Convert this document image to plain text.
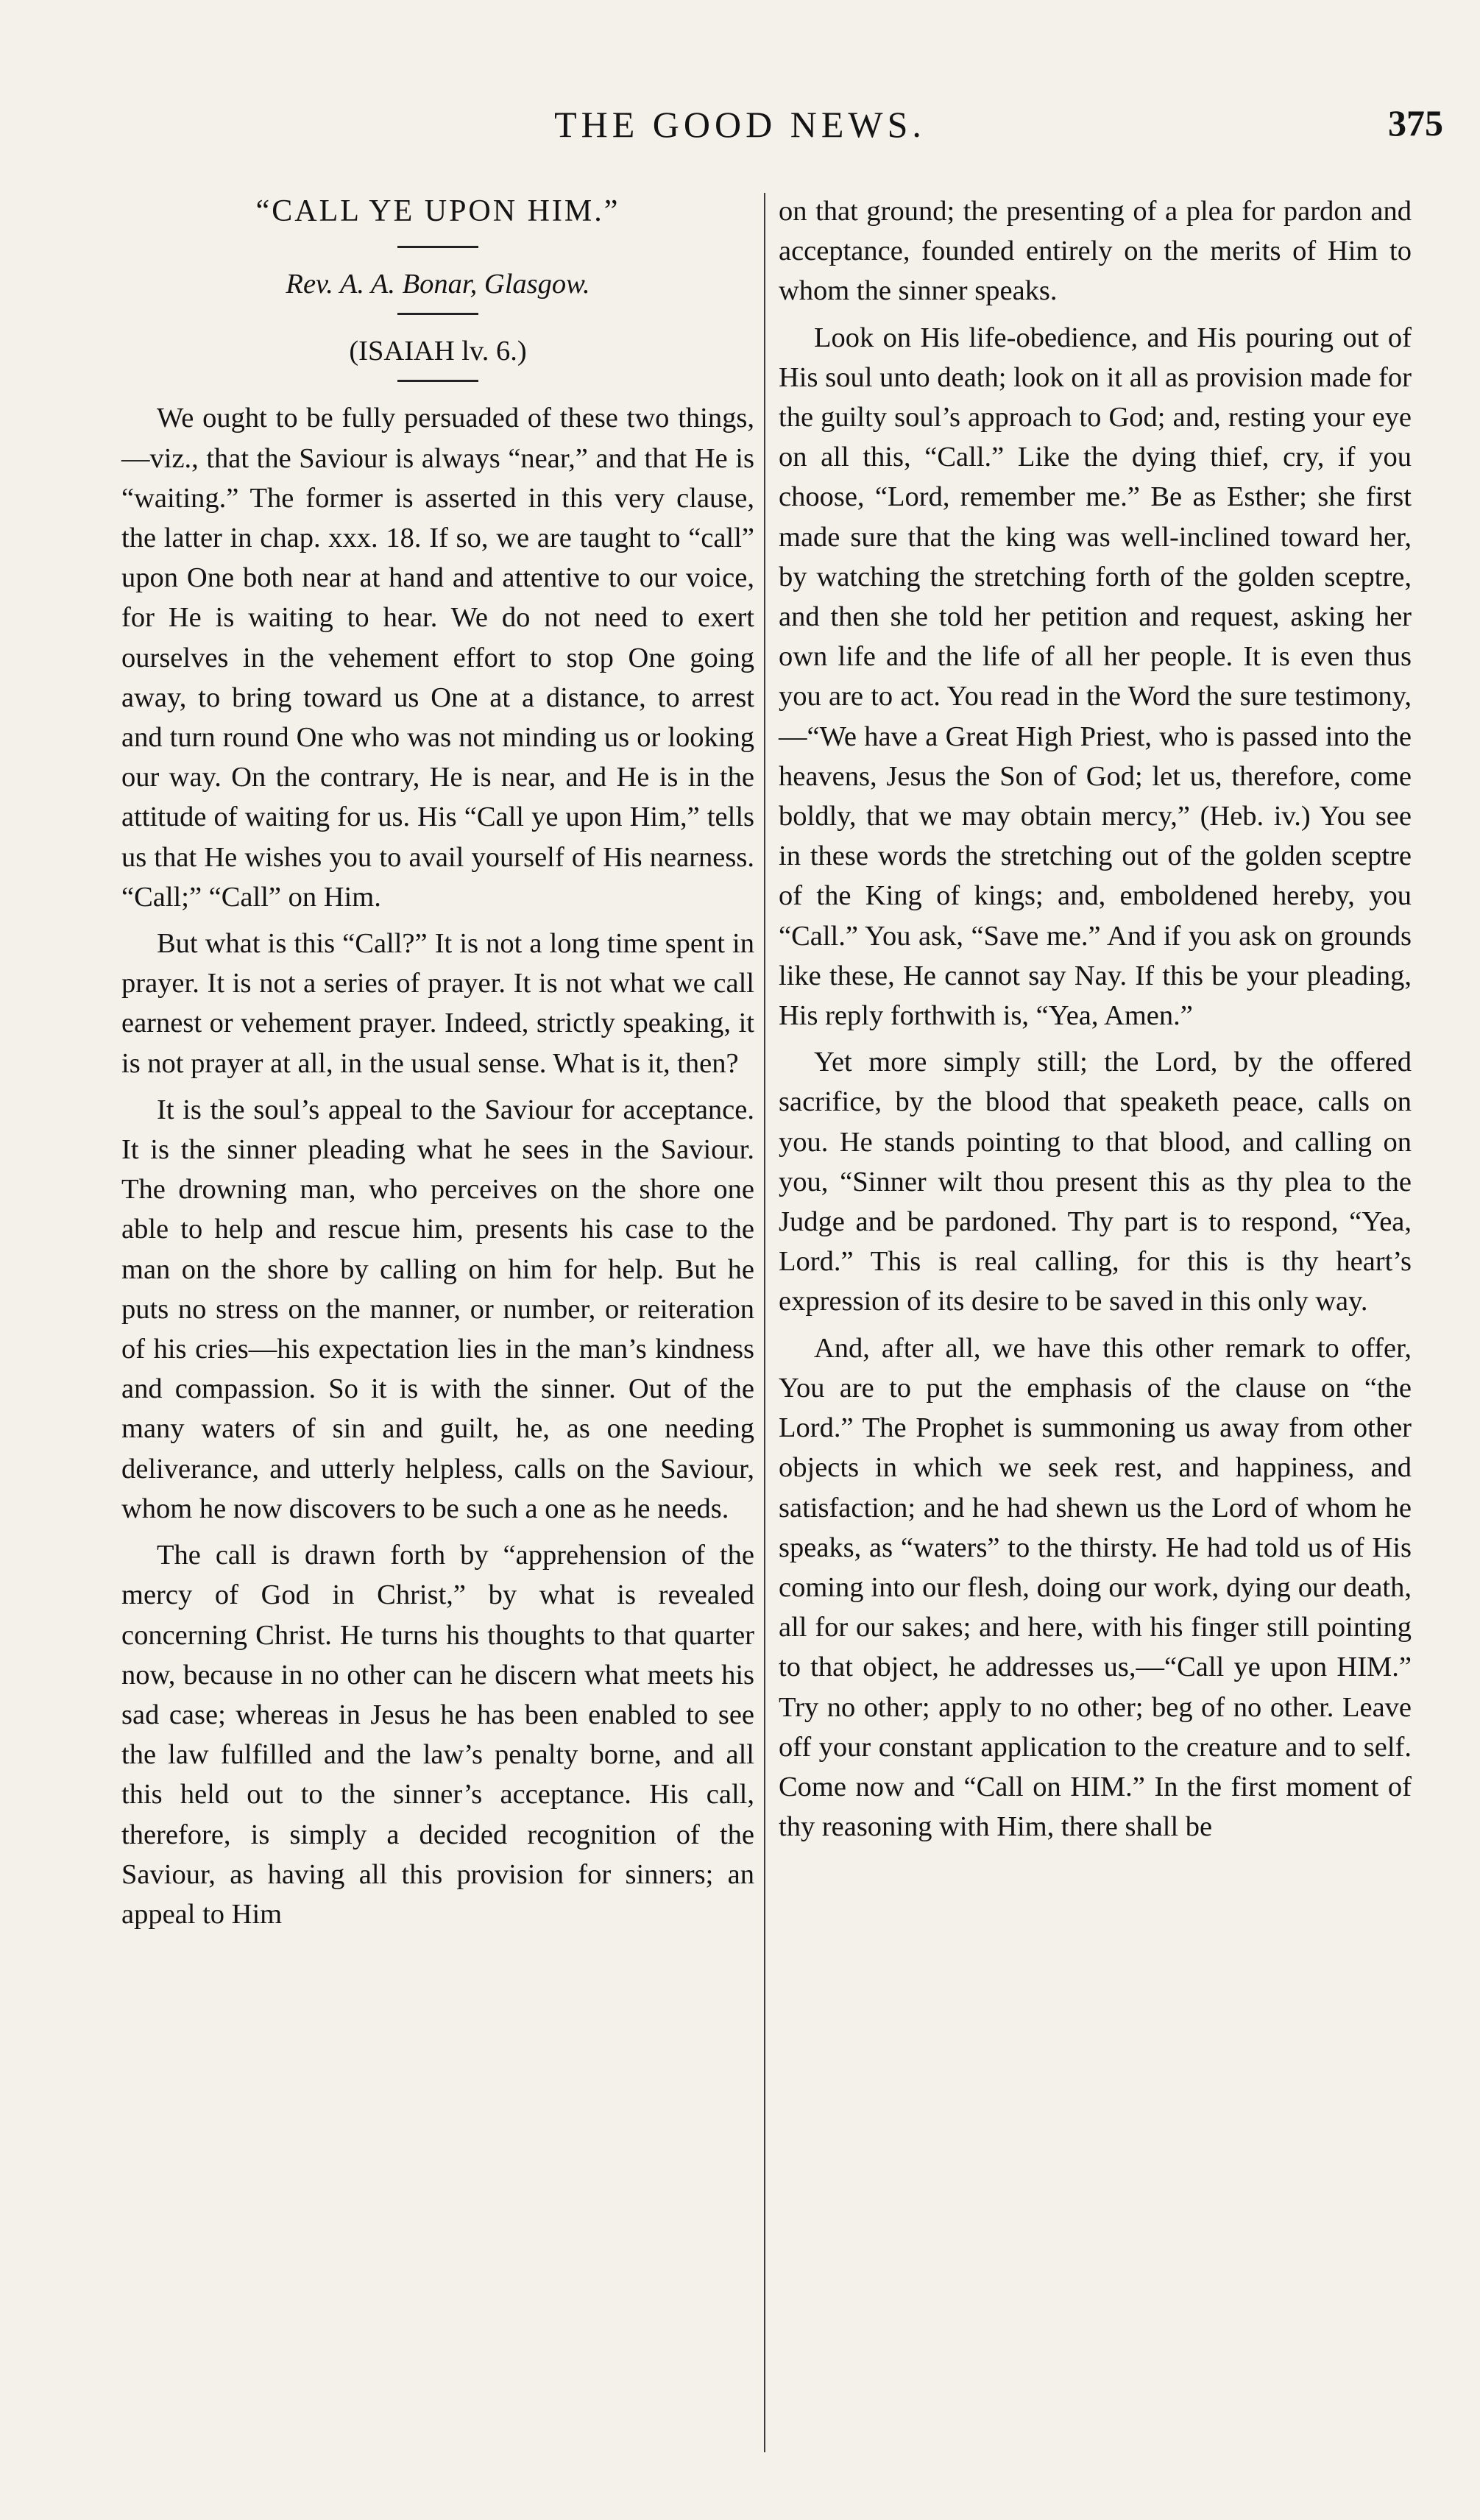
THE GOOD NEWS.	375
“CALL YE UPON HIM.”
Rev. A. A. Bonar, Glasgow.
(ISAIAH lv. 6.)

We ought to be fully persuaded of these two things,—viz., that the Saviour is always “near,” and that He is “waiting.” The former is asserted in this very clause, the latter in chap. xxx. 18. If so, we are taught to “call” upon One both near at hand and attentive to our voice, for He is waiting to hear. We do not need to exert ourselves in the vehement effort to stop One going away, to bring toward us One at a distance, to arrest and turn round One who was not minding us or looking our way. On the contrary, He is near, and He is in the attitude of waiting for us. His “Call ye upon Him,” tells us that He wishes you to avail yourself of His nearness. “Call;” “Call” on Him.

But what is this “Call?” It is not a long time spent in prayer. It is not a series of prayer. It is not what we call earnest or vehement prayer. Indeed, strictly speaking, it is not prayer at all, in the usual sense. What is it, then?

It is the soul’s appeal to the Saviour for acceptance. It is the sinner pleading what he sees in the Saviour. The drowning man, who perceives on the shore one able to help and rescue him, presents his case to the man on the shore by calling on him for help. But he puts no stress on the manner, or number, or reiteration of his cries—his expectation lies in the man’s kindness and compassion. So it is with the sinner. Out of the many waters of sin and guilt, he, as one needing deliverance, and utterly helpless, calls on the Saviour, whom he now discovers to be such a one as he needs.

The call is drawn forth by “apprehension of the mercy of God in Christ,” by what is revealed concerning Christ. He turns his thoughts to that quarter now, because in no other can he discern what meets his sad case; whereas in Jesus he has been enabled to see the law fulfilled and the law’s penalty borne, and all this held out to the sinner’s acceptance. His call, therefore, is simply a decided recognition of the Saviour, as having all this provision for sinners; an appeal to Him

on that ground; the presenting of a plea for pardon and acceptance, founded entirely on the merits of Him to whom the sinner speaks.

Look on His life-obedience, and His pouring out of His soul unto death; look on it all as provision made for the guilty soul’s approach to God; and, resting your eye on all this, “Call.” Like the dying thief, cry, if you choose, “Lord, remember me.” Be as Esther; she first made sure that the king was well-inclined toward her, by watching the stretching forth of the golden sceptre, and then she told her petition and request, asking her own life and the life of all her people. It is even thus you are to act. You read in the Word the sure testimony,—“We have a Great High Priest, who is passed into the heavens, Jesus the Son of God; let us, therefore, come boldly, that we may obtain mercy,” (Heb. iv.) You see in these words the stretching out of the golden sceptre of the King of kings; and, emboldened hereby, you “Call.” You ask, “Save me.” And if you ask on grounds like these, He cannot say Nay. If this be your pleading, His reply forthwith is, “Yea, Amen.”

Yet more simply still; the Lord, by the offered sacrifice, by the blood that speaketh peace, calls on you. He stands pointing to that blood, and calling on you, “Sinner wilt thou present this as thy plea to the Judge and be pardoned. Thy part is to respond, “Yea, Lord.” This is real calling, for this is thy heart’s expression of its desire to be saved in this only way.

And, after all, we have this other remark to offer, You are to put the emphasis of the clause on “the Lord.” The Prophet is summoning us away from other objects in which we seek rest, and happiness, and satisfaction; and he had shewn us the Lord of whom he speaks, as “waters” to the thirsty. He had told us of His coming into our flesh, doing our work, dying our death, all for our sakes; and here, with his finger still pointing to that object, he addresses us,—“Call ye upon HIM.” Try no other; apply to no other; beg of no other. Leave off your constant application to the creature and to self. Come now and “Call on HIM.” In the first moment of thy reasoning with Him, there shall be
